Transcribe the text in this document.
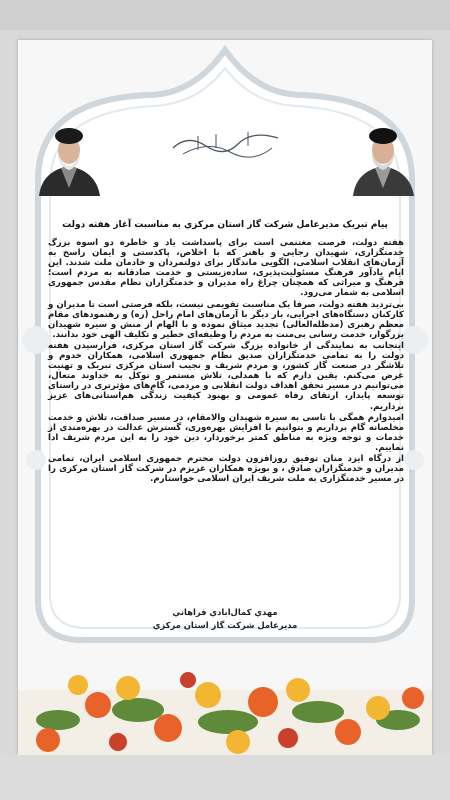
پیام تبریک مدیرعامل شرکت گاز استان مرکزي به مناسبت آغاز هفته دولت

هفته دولت، فرصت مغتنمی است برای پاسداشت یاد و خاطره دو اسوه بزرگ خدمتگزاری، شهیدان رجایی و باهنر که با اخلاص، پاکدستی و ایمان راسخ به آرمان‌های انقلاب اسلامی، الگویی ماندگار برای دولتمردان و خادمان ملت شدند. این ایام یادآور فرهنگ مسئولیت‌پذیری، سادەزیستی و خدمت صادقانه به مردم است؛ فرهنگ و میراثی که همچنان چراغ راه مدیران و خدمتگزاران نظام مقدس جمهوری اسلامی به شمار می‌رود.

بی‌تردید هفته دولت، صرفا یک مناسبت تقویمی نیست، بلکه فرصتی است تا مدیران و کارکنان دستگاه‌های اجرایی، بار دیگر با آرمان‌های امام راحل (ره) و رهنمودهای مقام معظم رهبری (مدظله‌العالی) تجدید میثاق نموده و با الهام از منش و سیره شهیدان بزرگوار، خدمت رسانی بی‌منت به مردم را وظیفه‌ای خطیر و تکلیف الهی خود بدانند.

اینجانب به نمایندگی از خانواده بزرگ شرکت گاز استان مرکزی، فرارسیدن هفته دولت را به تمامی خدمتگزاران صدیق نظام جمهوری اسلامی، همکاران خدوم و تلاشگر در صنعت گاز کشور، و مردم شریف و نجیب استان مرکزی تبریک و تهنیت عرض می‌کنم. یقین دارم که با همدلی، تلاش مستمر و توکل به خداوند متعال، می‌توانیم در مسیر تحقق اهداف دولت انقلابی و مردمی، گام‌های مؤثرتری در راستای توسعه پایدار، ارتقای رفاه عمومی و بهبود کیفیت زندگی هم‌استانی‌های عزیز برداریم.

امیدوارم همگی با تاسی به سیره شهیدان والامقام، در مسیر صداقت، تلاش و خدمت مخلصانه گام برداریم و بتوانیم با افزایش بهره‌وری، گسترش عدالت در بهره‌مندی از خدمات و توجه ویژه به مناطق کمتر برخوردار، دین خود را به این مردم شریف ادا نماییم.

از درگاه ایزد منان توفیق روزافزون دولت محترم جمهوری اسلامی ایران، تمامی مدیران و خدمتگزاران صادق ، و بویژه همکاران عزیزم در شرکت گاز استان مرکزی را در مسیر خدمتگزاری به ملت شریف ایران اسلامی خواستارم.

مهدي كمال‌ابادي فراهاني
مدیرعامل شرکت گاز استان مرکزي
